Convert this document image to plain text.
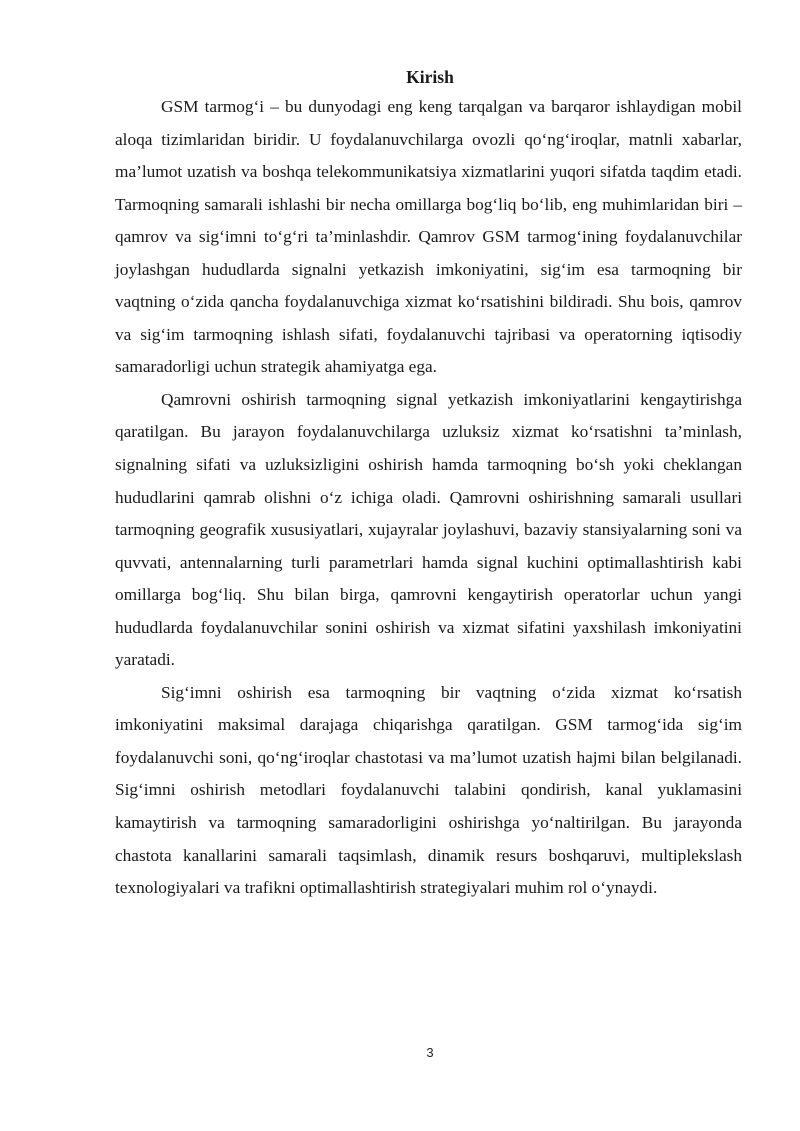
Kirish

GSM tarmog‘i – bu dunyodagi eng keng tarqalgan va barqaror ishlaydigan mobil aloqa tizimlaridan biridir. U foydalanuvchilarga ovozli qo‘ng‘iroqlar, matnli xabarlar, ma’lumot uzatish va boshqa telekommunikatsiya xizmatlarini yuqori sifatda taqdim etadi. Tarmoqning samarali ishlashi bir necha omillarga bog‘liq bo‘lib, eng muhimlaridan biri – qamrov va sig‘imni to‘g‘ri ta’minlashdir. Qamrov GSM tarmog‘ining foydalanuvchilar joylashgan hududlarda signalni yetkazish imkoniyatini, sig‘im esa tarmoqning bir vaqtning o‘zida qancha foydalanuvchiga xizmat ko‘rsatishini bildiradi. Shu bois, qamrov va sig‘im tarmoqning ishlash sifati, foydalanuvchi tajribasi va operatorning iqtisodiy samaradorligi uchun strategik ahamiyatga ega.

Qamrovni oshirish tarmoqning signal yetkazish imkoniyatlarini kengaytirishga qaratilgan. Bu jarayon foydalanuvchilarga uzluksiz xizmat ko‘rsatishni ta’minlash, signalning sifati va uzluksizligini oshirish hamda tarmoqning bo‘sh yoki cheklangan hududlarini qamrab olishni o‘z ichiga oladi. Qamrovni oshirishning samarali usullari tarmoqning geografik xususiyatlari, xujayralar joylashuvi, bazaviy stansiyalarning soni va quvvati, antennalarning turli parametrlari hamda signal kuchini optimallashtirish kabi omillarga bog‘liq. Shu bilan birga, qamrovni kengaytirish operatorlar uchun yangi hududlarda foydalanuvchilar sonini oshirish va xizmat sifatini yaxshilash imkoniyatini yaratadi.

Sig‘imni oshirish esa tarmoqning bir vaqtning o‘zida xizmat ko‘rsatish imkoniyatini maksimal darajaga chiqarishga qaratilgan. GSM tarmog‘ida sig‘im foydalanuvchi soni, qo‘ng‘iroqlar chastotasi va ma’lumot uzatish hajmi bilan belgilanadi. Sig‘imni oshirish metodlari foydalanuvchi talabini qondirish, kanal yuklamasini kamaytirish va tarmoqning samaradorligini oshirishga yo‘naltirilgan. Bu jarayonda chastota kanallarini samarali taqsimlash, dinamik resurs boshqaruvi, multiplekslash texnologiyalari va trafikni optimallashtirish strategiyalari muhim rol o‘ynaydi.

3
